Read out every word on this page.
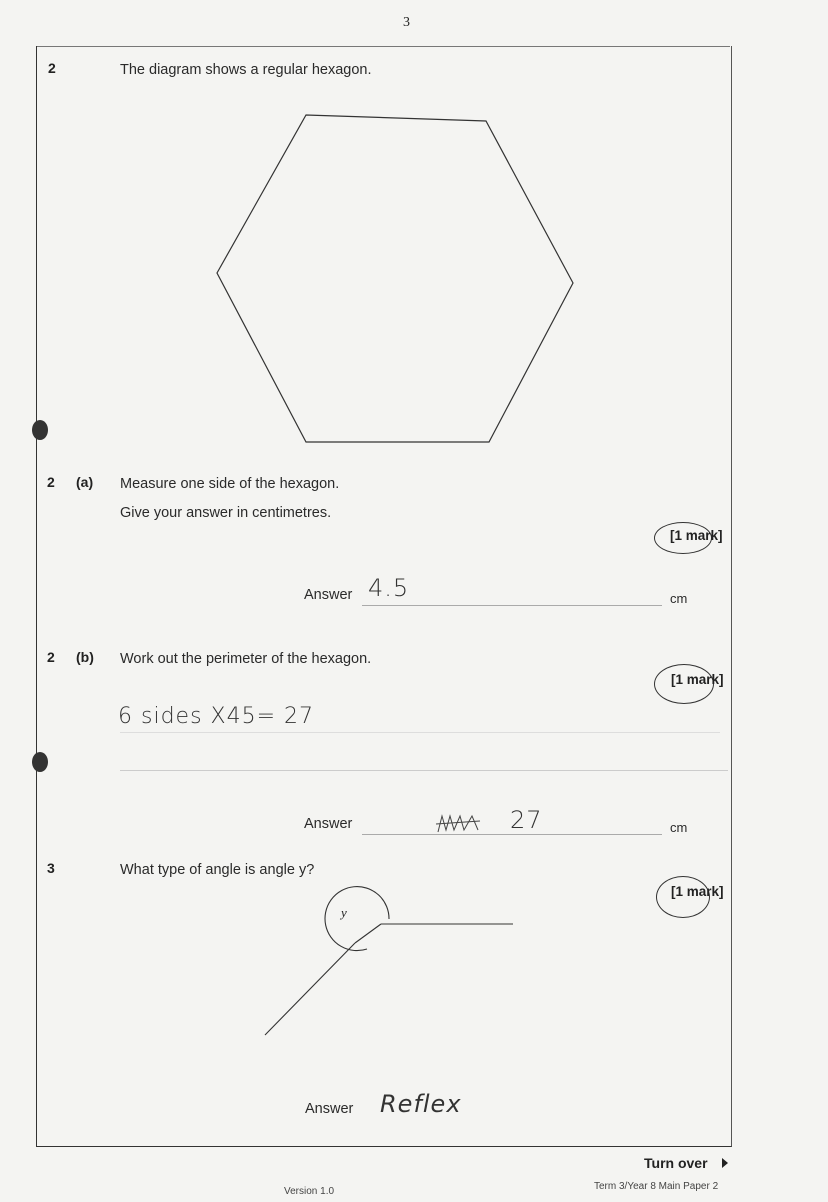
3
2	The diagram shows a regular hexagon.
2 (a) Measure one side of the hexagon.
Give your answer in centimetres.
[1 mark]
Answer 4.5	cm
2 (b) Work out the perimeter of the hexagon.
[1 mark]
6 sides X45= 27
Answer	27	cm
3	What type of angle is angle y?
[1 mark]
y
Answer Reflex
Turn over
Version 1.0	Term 3/Year 8 Main Paper 2
